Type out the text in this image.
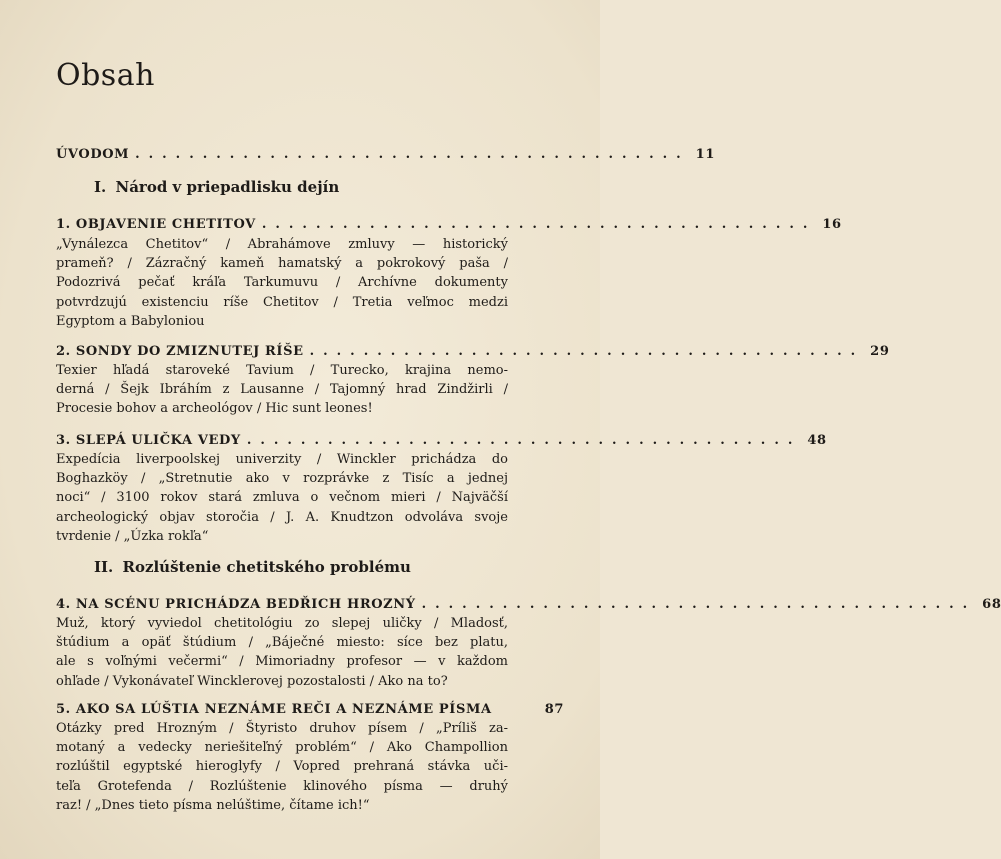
Obsah
ÚVODOM ......................................... 11
I. Národ v priepadlisku dejín
1. OBJAVENIE CHETITOV ......................................... 16
„Vynálezca Chetitov“ / Abrahámove zmluvy — historický
prameň? / Zázračný kameň hamatský a pokrokový paša /
Podozrivá pečať kráľa Tarkumuvu / Archívne dokumenty
potvrdzujú existenciu ríše Chetitov / Tretia veľmoc medzi
Egyptom a Babyloniou
2. SONDY DO ZMIZNUTEJ RÍŠE ......................................... 29
Texier hľadá staroveké Tavium / Turecko, krajina nemo-
derná / Šejk Ibráhím z Lausanne / Tajomný hrad Zindžirli /
Procesie bohov a archeológov / Hic sunt leones!
3. SLEPÁ ULIČKA VEDY ......................................... 48
Expedícia liverpoolskej univerzity / Winckler prichádza do
Boghazköy / „Stretnutie ako v rozprávke z Tisíc a jednej
noci“ / 3100 rokov stará zmluva o večnom mieri / Najväčší
archeologický objav storočia / J. A. Knudtzon odvoláva svoje
tvrdenie / „Úzka rokľa“
II. Rozlúštenie chetitského problému
4. NA SCÉNU PRICHÁDZA BEDŘICH HROZNÝ ......................................... 68
Muž, ktorý vyviedol chetitológiu zo slepej uličky / Mladosť,
štúdium a opäť štúdium / „Báječné miesto: síce bez platu,
ale s voľnými večermi“ / Mimoriadny profesor — v každom
ohľade / Vykonávateľ Wincklerovej pozostalosti / Ako na to?
5. AKO SA LÚŠTIA NEZNÁME REČI A NEZNÁME PÍSMA	87
Otázky pred Hrozným / Štyristo druhov písem / „Príliš za-
motaný a vedecky neriešiteľný problém“ / Ako Champollion
rozlúštil egyptské hieroglyfy / Vopred prehraná stávka uči-
teľa Grotefenda / Rozlúštenie klinového písma — druhý
raz! / „Dnes tieto písma nelúštime, čítame ich!“
